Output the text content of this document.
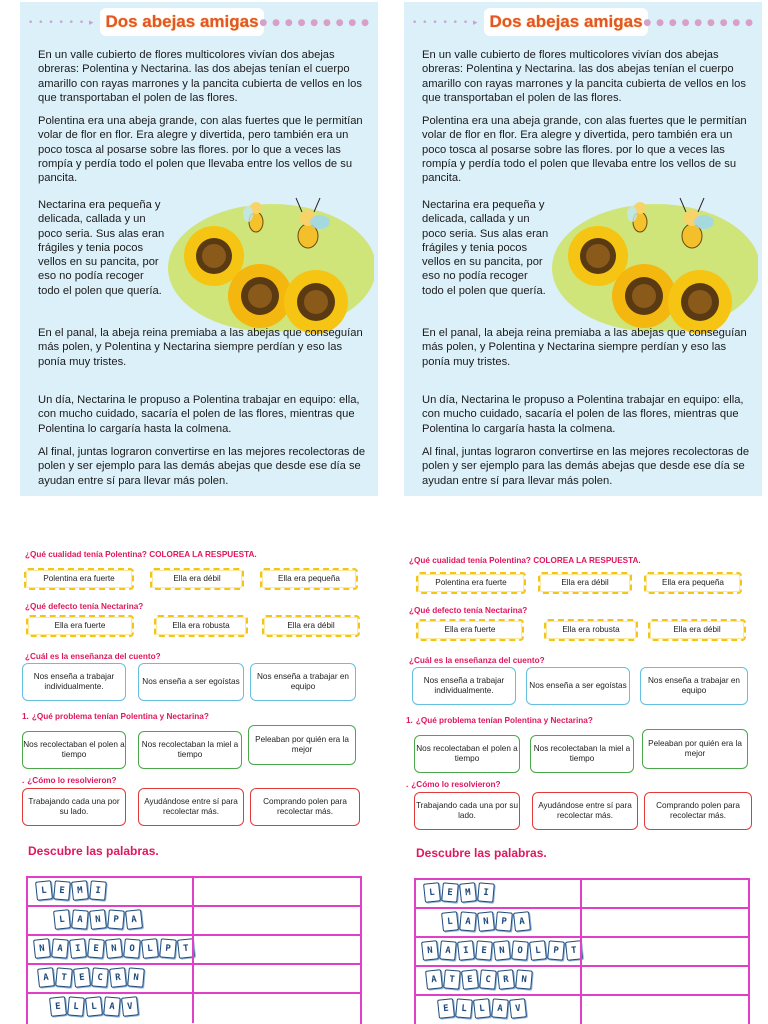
• • • • • • ▸ Dos abejas amigas ● ● ● ● ● ● ● ● ●

En un valle cubierto de flores multicolores vivían dos abejas obreras: Polentina y Nectarina. las dos abejas tenían el cuerpo amarillo con rayas marrones y la pancita cubierta de vellos en los que transportaban el polen de las flores.

Polentina era una abeja grande, con alas fuertes que le permitían volar de flor en flor. Era alegre y divertida, pero también era un poco tosca al posarse sobre las flores. por lo que a veces las rompía y perdía todo el polen que llevaba entre los vellos de su pancita.

Nectarina era pequeña y delicada, callada y un poco seria. Sus alas eran frágiles y tenia pocos vellos en su pancita, por eso no podía recoger todo el polen que quería.

En el panal, la abeja reina premiaba a las abejas que conseguían más polen, y Polentina y Nectarina siempre perdían y eso las ponía muy tristes.

Un día, Nectarina le propuso a Polentina trabajar en equipo: ella, con mucho cuidado, sacaría el polen de las flores, mientras que Polentina lo cargaría hasta la colmena.

Al final, juntas lograron convertirse en las mejores recolectoras de polen y ser ejemplo para las demás abejas que desde ese día se ayudan entre sí para llevar más polen.

¿Qué cualidad tenía Polentina? COLOREA LA RESPUESTA.
Polentina era fuerte	Ella era débil	Ella era pequeña
¿Qué defecto tenía Nectarina?
Ella era fuerte	Ella era robusta	Ella era débil
¿Cuál es la enseñanza del cuento?
Nos enseña a trabajar individualmente.
Nos enseña a ser egoístas
Nos enseña a trabajar en equipo
1. ¿Qué problema tenían Polentina y Nectarina?
Nos recolectaban el polen a tiempo
Nos recolectaban la miel a tiempo
Peleaban por quién era la mejor
. ¿Cómo lo resolvieron?
Trabajando cada una por su lado.
Ayudándose entre sí para recolectar más.
Comprando polen para recolectar más.
Descubre las palabras.
L	E	M	I
L	A	N	P	A
N	A	I	E	N	O	L	P	T
A	T	E	C	R	N
E	L	L	A	V
• • • • • • ▸ Dos abejas amigas ● ● ● ● ● ● ● ● ●

En un valle cubierto de flores multicolores vivían dos abejas obreras: Polentina y Nectarina. las dos abejas tenían el cuerpo amarillo con rayas marrones y la pancita cubierta de vellos en los que transportaban el polen de las flores.

Polentina era una abeja grande, con alas fuertes que le permitían volar de flor en flor. Era alegre y divertida, pero también era un poco tosca al posarse sobre las flores. por lo que a veces las rompía y perdía todo el polen que llevaba entre los vellos de su pancita.

Nectarina era pequeña y delicada, callada y un poco seria. Sus alas eran frágiles y tenia pocos vellos en su pancita, por eso no podía recoger todo el polen que quería.

En el panal, la abeja reina premiaba a las abejas que conseguían más polen, y Polentina y Nectarina siempre perdían y eso las ponía muy tristes.

Un día, Nectarina le propuso a Polentina trabajar en equipo: ella, con mucho cuidado, sacaría el polen de las flores, mientras que Polentina lo cargaría hasta la colmena.

Al final, juntas lograron convertirse en las mejores recolectoras de polen y ser ejemplo para las demás abejas que desde ese día se ayudan entre sí para llevar más polen.

¿Qué cualidad tenía Polentina? COLOREA LA RESPUESTA.
Polentina era fuerte	Ella era débil	Ella era pequeña
¿Qué defecto tenía Nectarina?
Ella era fuerte	Ella era robusta	Ella era débil
¿Cuál es la enseñanza del cuento?
Nos enseña a trabajar individualmente.
Nos enseña a ser egoístas
Nos enseña a trabajar en equipo
1. ¿Qué problema tenían Polentina y Nectarina?
Nos recolectaban el polen a tiempo
Nos recolectaban la miel a tiempo
Peleaban por quién era la mejor
. ¿Cómo lo resolvieron?
Trabajando cada una por su lado.
Ayudándose entre sí para recolectar más.
Comprando polen para recolectar más.
Descubre las palabras.
L	E	M	I
L	A	N	P	A
N	A	I	E	N	O	L	P	T
A	T	E	C	R	N
E	L	L	A	V
